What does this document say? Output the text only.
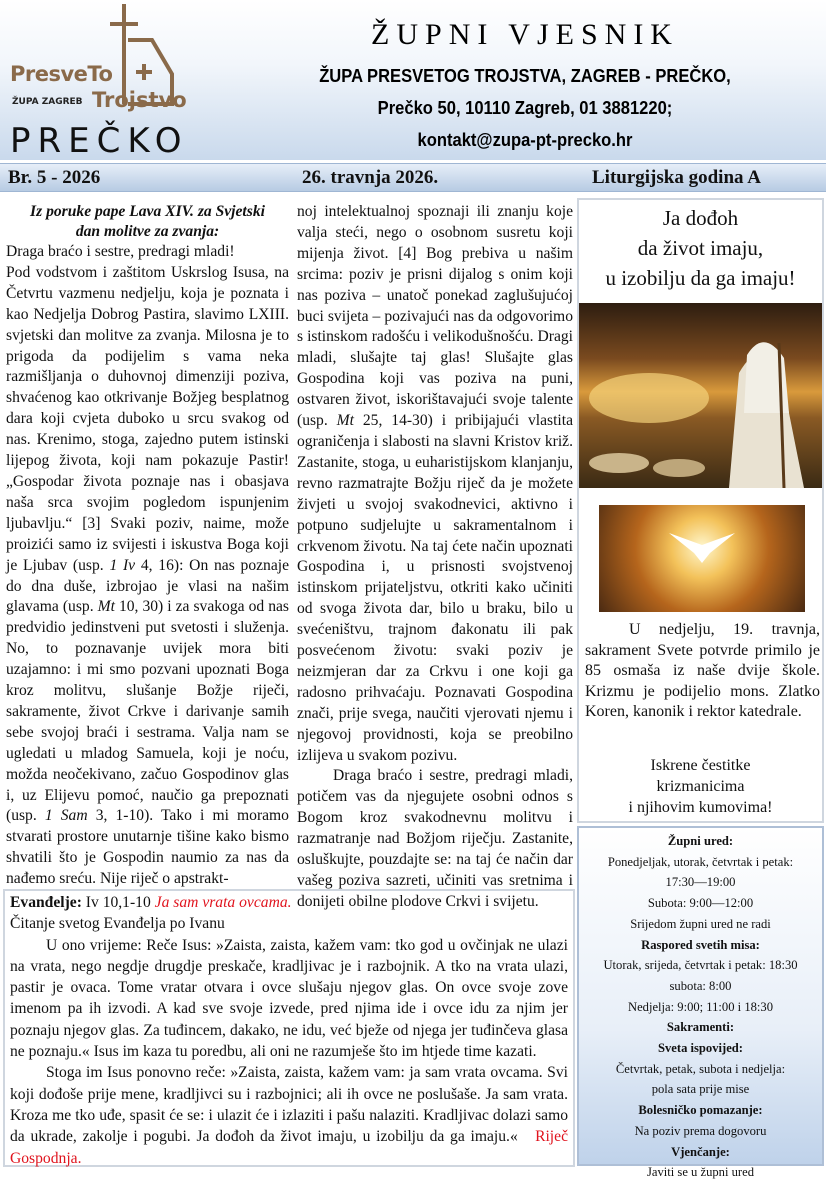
PresveTo
ŽUPA ZAGREB Trojstvo
PREČKO
ŽUPNI VJESNIK
ŽUPA PRESVETOG TROJSTVA, ZAGREB - PREČKO,
Prečko 50, 10110 Zagreb, 01 3881220;
kontakt@zupa-pt-precko.hr
Br. 5 - 2026	26. travnja 2026.	Liturgijska godina A
Iz poruke pape Lava XIV. za Svjetski dan molitve za zvanja:

Draga braćo i sestre, predragi mladi!

Pod vodstvom i zaštitom Uskrslog Isusa, na Četvrtu vazmenu nedjelju, koja je poznata i kao Nedjelja Dobrog Pastira, slavimo LXIII. svjetski dan molitve za zvanja. Milosna je to prigoda da podijelim s vama neka razmišljanja o duhovnoj dimenziji poziva, shvaćenog kao otkrivanje Božjeg besplatnog dara koji cvjeta duboko u srcu svakog od nas. Krenimo, stoga, zajedno putem istinski lijepog života, koji nam pokazuje Pastir! „Gospodar života poznaje nas i obasjava naša srca svojim pogledom ispunjenim ljubavlju.“ [3] Svaki poziv, naime, može proizići samo iz svijesti i iskustva Boga koji je Ljubav (usp. 1 Iv 4, 16): On nas poznaje do dna duše, izbrojao je vlasi na našim glavama (usp. Mt 10, 30) i za svakoga od nas predvidio jedinstveni put svetosti i služenja. No, to poznavanje uvijek mora biti uzajamno: i mi smo pozvani upoznati Boga kroz molitvu, slušanje Božje riječi, sakramente, život Crkve i darivanje samih sebe svojoj braći i sestrama. Valja nam se ugledati u mladog Samuela, koji je noću, možda neočekivano, začuo Gospodinov glas i, uz Elijevu pomoć, naučio ga prepoznati (usp. 1 Sam 3, 1-10). Tako i mi moramo stvarati prostore unutarnje tišine kako bismo shvatili što je Gospodin naumio za nas da nađemo sreću. Nije riječ o apstrakt-

noj intelektualnoj spoznaji ili znanju koje valja steći, nego o osobnom susretu koji mijenja život. [4] Bog prebiva u našim srcima: poziv je prisni dijalog s onim koji nas poziva – unatoč ponekad zaglušujućoj buci svijeta – pozivajući nas da odgovorimo s istinskom radošću i velikodušnošću. Dragi mladi, slušajte taj glas! Slušajte glas Gospodina koji vas poziva na puni, ostvaren život, iskorištavajući svoje talente (usp. Mt 25, 14-30) i pribijajući vlastita ograničenja i slabosti na slavni Kristov križ. Zastanite, stoga, u euharistijskom klanjanju, revno razmatrajte Božju riječ da je možete živjeti u svojoj svakodnevici, aktivno i potpuno sudjelujte u sakramentalnom i crkvenom životu. Na taj ćete način upoznati Gospodina i, u prisnosti svojstvenoj istinskom prijateljstvu, otkriti kako učiniti od svoga života dar, bilo u braku, bilo u svećeništvu, trajnom đakonatu ili pak posvećenom životu: svaki poziv je neizmjeran dar za Crkvu i one koji ga radosno prihvaćaju. Poznavati Gospodina znači, prije svega, naučiti vjerovati njemu i njegovoj providnosti, koja se preobilno izlijeva u svakom pozivu.

Draga braćo i sestre, predragi mladi, potičem vas da njegujete osobni odnos s Bogom kroz svakodnevnu molitvu i razmatranje nad Božjom riječju. Zastanite, osluškujte, pouzdajte se: na taj će način dar vašeg poziva sazreti, učiniti vas sretnima i donijeti obilne plodove Crkvi i svijetu.

Ja dođoh
da život imaju,
u izobilju da ga imaju!
U nedjelju, 19. travnja, sakrament Svete potvrde primilo je 85 osmaša iz naše dvije škole. Krizmu je podijelio mons. Zlatko Koren, kanonik i rektor katedrale.
Iskrene čestitke
krizmanicima
i njihovim kumovima!
Župni ured:
Ponedjeljak, utorak, četvrtak i petak:
17:30—19:00
Subota: 9:00—12:00
Srijedom župni ured ne radi
Raspored svetih misa:
Utorak, srijeda, četvrtak i petak: 18:30
subota: 8:00
Nedjelja: 9:00; 11:00 i 18:30
Sakramenti:
Sveta ispovijed:
Četvrtak, petak, subota i nedjelja:
pola sata prije mise
Bolesničko pomazanje:
Na poziv prema dogovoru
Vjenčanje:
Javiti se u župni ured
Evanđelje: Iv 10,1-10 Ja sam vrata ovcama.
Čitanje svetog Evanđelja po Ivanu

U ono vrijeme: Reče Isus: »Zaista, zaista, kažem vam: tko god u ovčinjak ne ulazi na vrata, nego negdje drugdje preskače, kradljivac je i razbojnik. A tko na vrata ulazi, pastir je ovaca. Tome vratar otvara i ovce slušaju njegov glas. On ovce svoje zove imenom pa ih izvodi. A kad sve svoje izvede, pred njima ide i ovce idu za njim jer poznaju njegov glas. Za tuđincem, dakako, ne idu, već bježe od njega jer tuđinčeva glasa ne poznaju.« Isus im kaza tu poredbu, ali oni ne razumješe što im htjede time kazati.

Stoga im Isus ponovno reče: »Zaista, zaista, kažem vam: ja sam vrata ovcama. Svi koji dođoše prije mene, kradljivci su i razbojnici; ali ih ovce ne poslušaše. Ja sam vrata. Kroza me tko uđe, spasit će se: i ulazit će i izlaziti i pašu nalaziti. Kradljivac dolazi samo da ukrade, zakolje i pogubi. Ja dođoh da život imaju, u izobilju da ga imaju.« Riječ Gospodnja.
